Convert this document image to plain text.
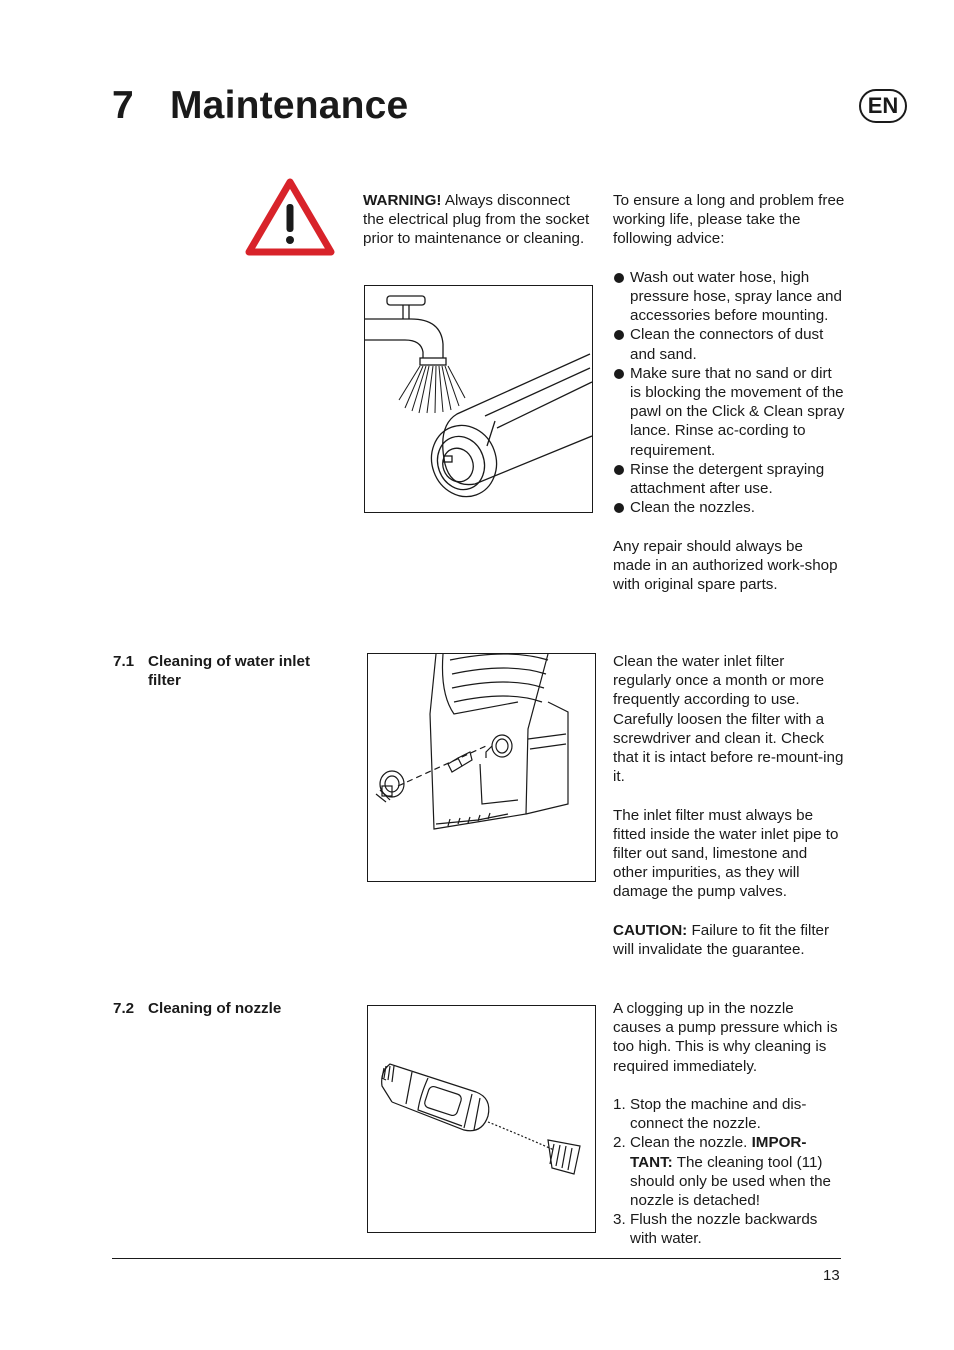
7 Maintenance	EN

WARNING! Always disconnect the electrical plug from the socket prior to maintenance or cleaning.

To ensure a long and problem free working life, please take the following advice:

Wash out water hose, high pressure hose, spray lance and accessories before mounting.
Clean the connectors of dust and sand.
Make sure that no sand or dirt is blocking the movement of the pawl on the Click & Clean spray lance. Rinse ac-cording to requirement.
Rinse the detergent spraying attachment after use.
Clean the nozzles.

Any repair should always be made in an authorized work-shop with original spare parts.

7.1 Cleaning of water inlet
filter

Clean the water inlet filter regularly once a month or more frequently according to use. Carefully loosen the filter with a screwdriver and clean it. Check that it is intact before re-mount-ing it.

The inlet filter must always be fitted inside the water inlet pipe to filter out sand, limestone and other impurities, as they will damage the pump valves.

CAUTION: Failure to fit the filter will invalidate the guarantee.

7.2 Cleaning of nozzle	A clogging up in the nozzle causes a pump pressure which is too high. This is why cleaning is required immediately.

1. Stop the machine and dis-connect the nozzle.
2. Clean the nozzle. IMPOR-TANT: The cleaning tool (11) should only be used when the nozzle is detached!
3. Flush the nozzle backwards with water.
13
